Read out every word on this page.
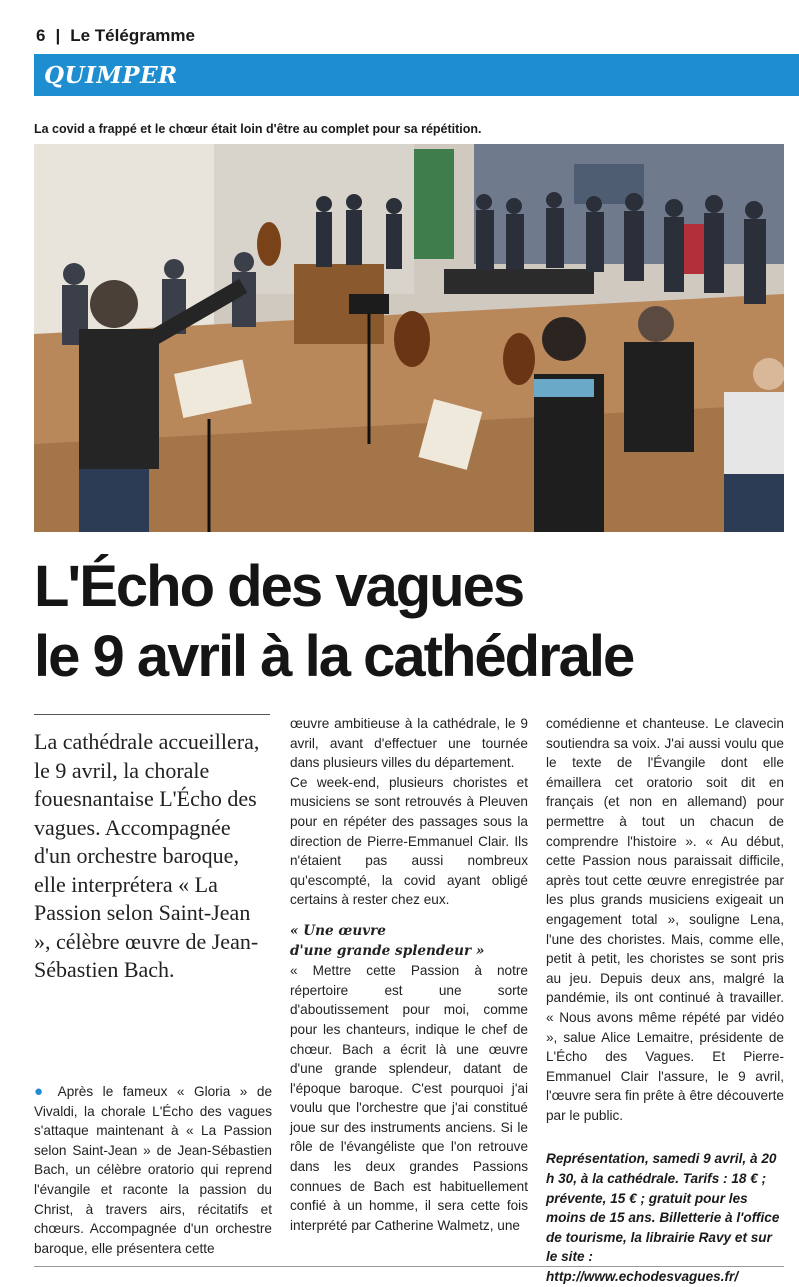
6 | Le Télégramme
QUIMPER
La covid a frappé et le chœur était loin d'être au complet pour sa répétition.
L'Écho des vagues
le 9 avril à la cathédrale
La cathédrale accueillera, le 9 avril, la chorale fouesnantaise L'Écho des vagues. Accompagnée d'un orchestre baroque, elle interprétera « La Passion selon Saint-Jean », célèbre œuvre de Jean-Sébastien Bach.

● Après le fameux « Gloria » de Vivaldi, la chorale L'Écho des vagues s'attaque maintenant à « La Passion selon Saint-Jean » de Jean-Sébastien Bach, un célèbre oratorio qui reprend l'évangile et raconte la passion du Christ, à travers airs, récitatifs et chœurs. Accompagnée d'un orchestre baroque, elle présentera cette

œuvre ambitieuse à la cathédrale, le 9 avril, avant d'effectuer une tournée dans plusieurs villes du département.

Ce week-end, plusieurs choristes et musiciens se sont retrouvés à Pleuven pour en répéter des passages sous la direction de Pierre-Emmanuel Clair. Ils n'étaient pas aussi nombreux qu'escompté, la covid ayant obligé certains à rester chez eux.

« Une œuvre
d'une grande splendeur »

« Mettre cette Passion à notre répertoire est une sorte d'aboutissement pour moi, comme pour les chanteurs, indique le chef de chœur. Bach a écrit là une œuvre d'une grande splendeur, datant de l'époque baroque. C'est pourquoi j'ai voulu que l'orchestre que j'ai constitué joue sur des instruments anciens. Si le rôle de l'évangéliste que l'on retrouve dans les deux grandes Passions connues de Bach est habituellement confié à un homme, il sera cette fois interprété par Catherine Walmetz, une

comédienne et chanteuse. Le clavecin soutiendra sa voix. J'ai aussi voulu que le texte de l'Évangile dont elle émaillera cet oratorio soit dit en français (et non en allemand) pour permettre à tout un chacun de comprendre l'histoire ». « Au début, cette Passion nous paraissait difficile, après tout cette œuvre enregistrée par les plus grands musiciens exigeait un engagement total », souligne Lena, l'une des choristes. Mais, comme elle, petit à petit, les choristes se sont pris au jeu. Depuis deux ans, malgré la pandémie, ils ont continué à travailler. « Nous avons même répété par vidéo », salue Alice Lemaitre, présidente de L'Écho des Vagues. Et Pierre-Emmanuel Clair l'assure, le 9 avril, l'œuvre sera fin prête à être découverte par le public.

Représentation, samedi 9 avril, à 20 h 30, à la cathédrale. Tarifs : 18 € ; prévente, 15 € ; gratuit pour les moins de 15 ans. Billetterie à l'office de tourisme, la librairie Ravy et sur le site : http://www.echodesvagues.fr/
